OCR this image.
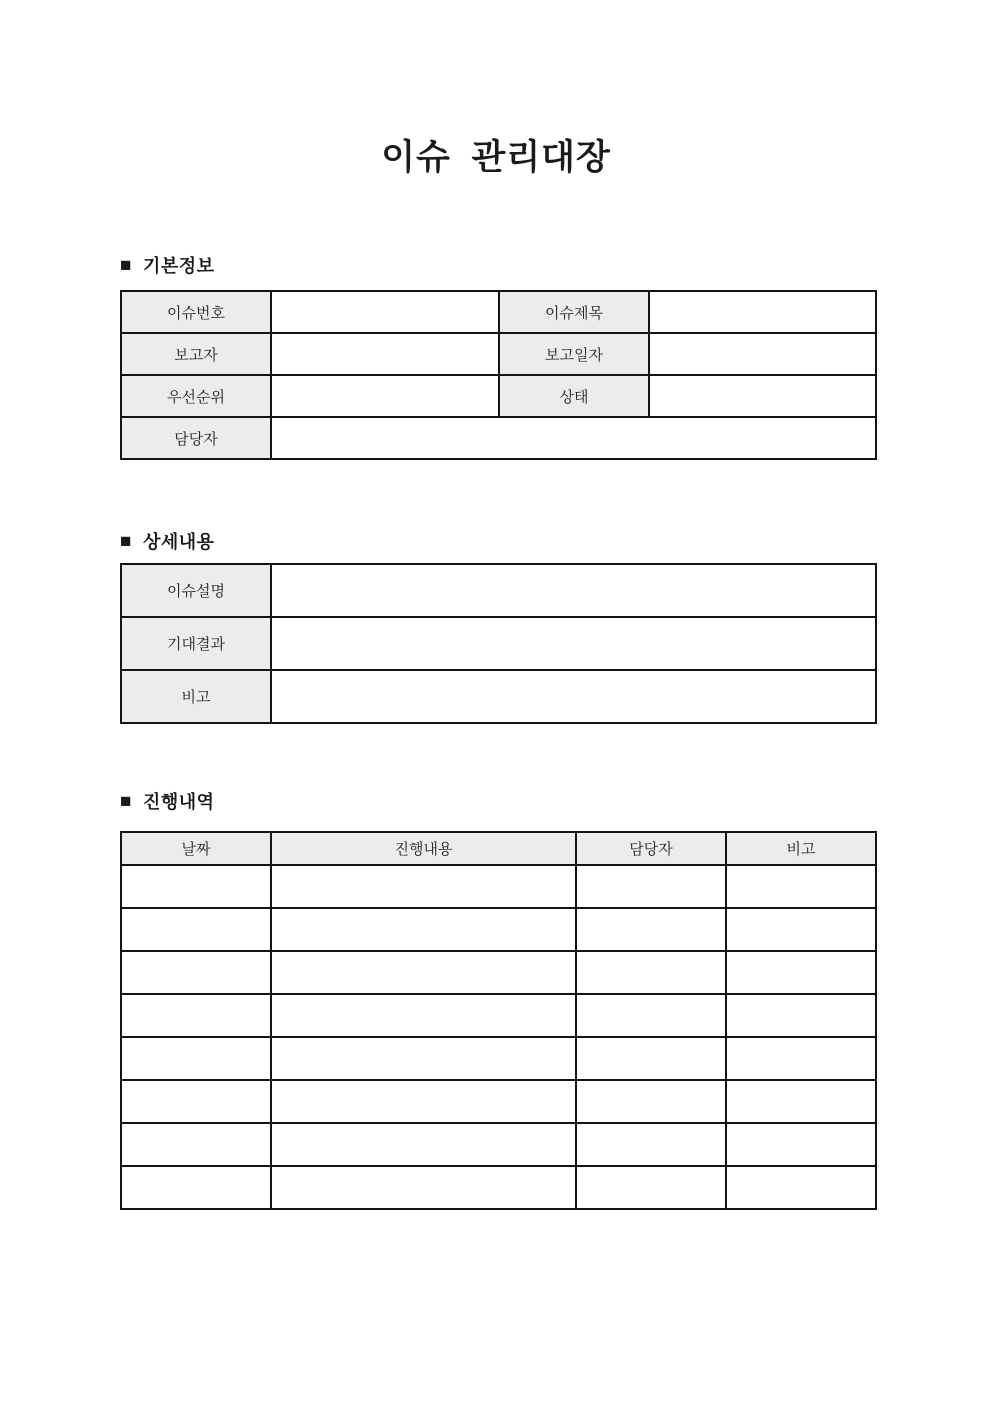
이슈 관리대장
■ 기본정보
이슈번호		이슈제목	
보고자		보고일자	
우선순위		상태	
담당자			
■ 상세내용
이슈설명	
기대결과	
비고	
■ 진행내역
날짜	진행내용	담당자	비고
